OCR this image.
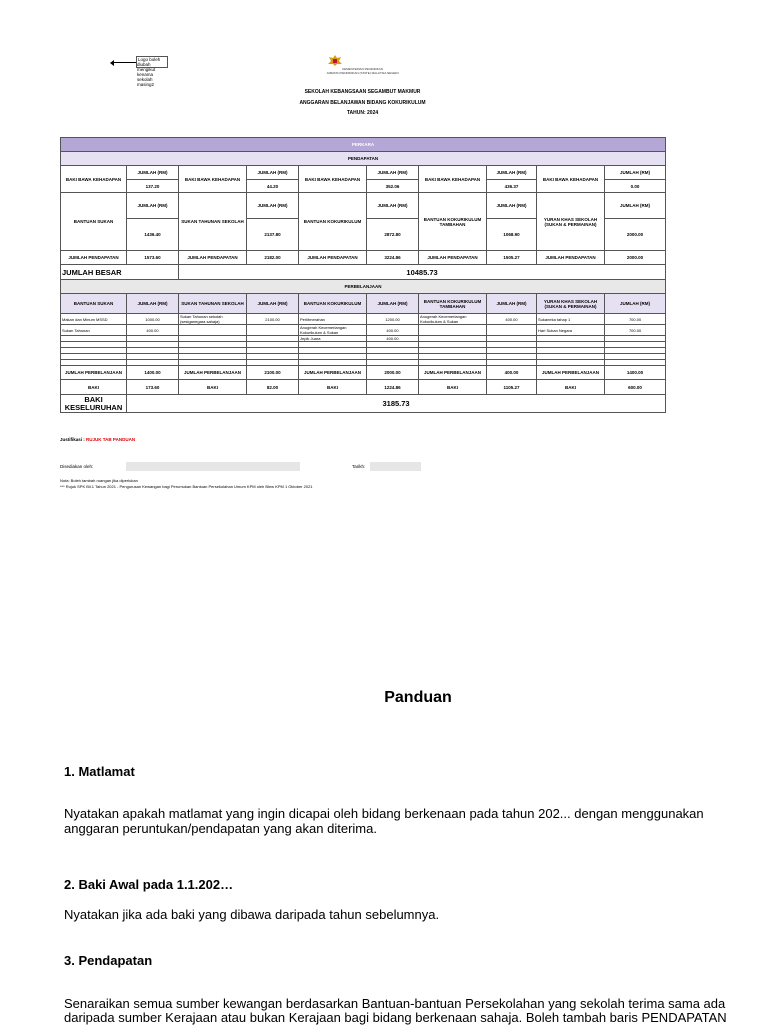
Logo boleh
diubah
mengikut
kenama
sekolah
masing2
KEMENTERIAN PENDIDIKAN
JABATAN PENDIDIKAN (STATE) MALAYSIA NEGERI
SEKOLAH KEBANGSAAN SEGAMBUT MAKMUR
ANGGARAN BELANJAWAN BIDANG KOKURIKULUM
TAHUN: 2024
PERKARA									
PENDAPATAN									
BAKI BAWA KEHADAPAN	JUMLAH (RM)	BAKI BAWA KEHADAPAN	JUMLAH (RM)	BAKI BAWA KEHADAPAN	JUMLAH (RM)	BAKI BAWA KEHADAPAN	JUMLAH (RM)	BAKI BAWA KEHADAPAN	JUMLAH (RM)
	137.20		44.20		352.06		436.37		0.00
BANTUAN SUKAN	JUMLAH (RM)	SUKAN TAHUNAN SEKOLAH	JUMLAH (RM)	BANTUAN KOKURIKULUM	JUMLAH (RM)	BANTUAN KOKURIKULUM TAMBAHAN	JUMLAH (RM)	YURAN KHAS SEKOLAH (SUKAN & PERMAINAN)	JUMLAH (RM)
	1436.40		2137.80		2872.80		1068.90		2000.00
JUMLAH PENDAPATAN	1573.60	JUMLAH PENDAPATAN	2182.00	JUMLAH PENDAPATAN	3224.86	JUMLAH PENDAPATAN	1505.27	JUMLAH PENDAPATAN	2000.00
JUMLAH BESAR		10485.73							
PERBELANJAAN									
BANTUAN SUKAN	JUMLAH (RM)	SUKAN TAHUNAN SEKOLAH	JUMLAH (RM)	BANTUAN KOKURIKULUM	JUMLAH (RM)	BANTUAN KOKURIKULUM TAMBAHAN	JUMLAH (RM)	YURAN KHAS SEKOLAH (SUKAN & PERMAINAN)	JUMLAH (RM)
Makan dan Minum MSSD	1000.00	Sukan Tahunan sekolah (sesiganegara sahaja)	2100.00	Perlitmerahan	1200.00	Anugerah Kecemerlangan Kokurikulum & Sukan	400.00	Sukaneka tahap 1	700.00
Sukan Tahunan	400.00			Anugerah Kecemerlangan Kokurikulum & Sukan	400.00			Hari Sukan Negara	700.00
				Jepik Juara	400.00				

JUMLAH PERBELANJAAN	1400.00	JUMLAH PERBELANJAAN	2100.00	JUMLAH PERBELANJAAN	2000.00	JUMLAH PERBELANJAAN	400.00	JUMLAH PERBELANJAAN	1400.00
BAKI	173.60	BAKI	82.00	BAKI	1224.86	BAKI	1105.27	BAKI	600.00
BAKI KESELURUHAN	3185.73								
Justifikasi : RUJUK TAB PANDUAN
Disediakan oleh:	Tarikh:
Nota: Boleh tambah ruangan jika diperlukan
*** Rujuk SPK Bil.1 Tahun 2021 - Pengurusan Kewangan bagi Perumukan Bantuan Persekolahan Umum KPM oleh Blew KPM 1 Oktober 2021
Panduan
1. Matlamat
Nyatakan apakah matlamat yang ingin dicapai oleh bidang berkenaan pada tahun 202... dengan menggunakan
anggaran peruntukan/pendapatan yang akan diterima.
2. Baki Awal pada 1.1.202…
Nyatakan jika ada baki yang dibawa daripada tahun sebelumnya.
3. Pendapatan
Senaraikan semua sumber kewangan berdasarkan Bantuan-bantuan Persekolahan yang sekolah terima sama ada
daripada sumber Kerajaan atau bukan Kerajaan bagi bidang berkenaan sahaja. Boleh tambah baris PENDAPATAN
